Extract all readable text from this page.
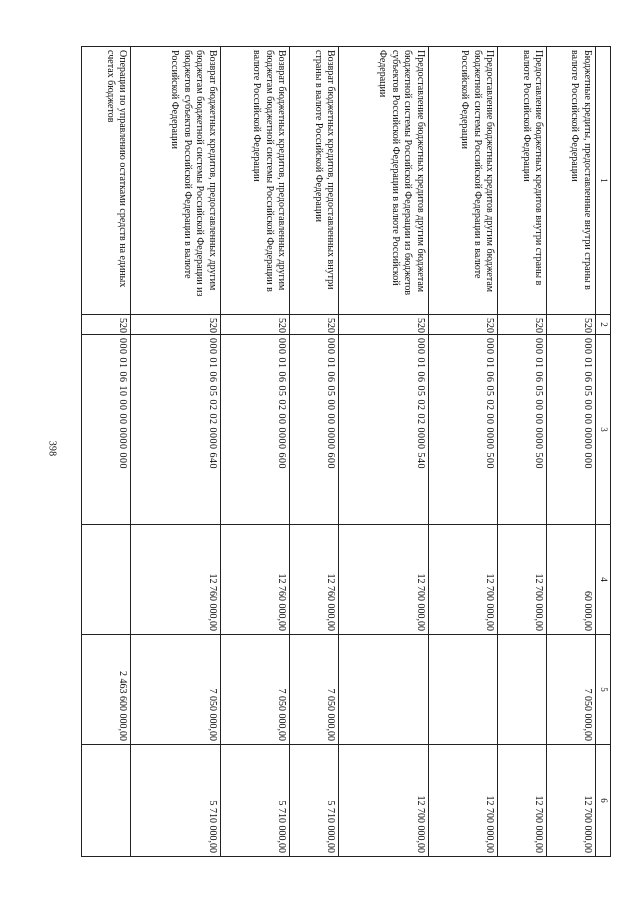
398
1	2	3	4	5	6
Бюджетные кредиты, предоставленные внутри страны в валюте Российской Федерации	520	000 01 06 05 00 00 0000 000	60 000,00	7 050 000,00	12 700 000,00
Предоставление бюджетных кредитов внутри страны в валюте Российской Федерации	520	000 01 06 05 00 00 0000 500	12 700 000,00		12 700 000,00
Предоставление бюджетных кредитов другим бюджетам бюджетной системы Российской Федерации в валюте Российской Федерации	520	000 01 06 05 02 00 0000 500	12 700 000,00		12 700 000,00
Предоставление бюджетных кредитов другим бюджетам бюджетной системы Российской Федерации из бюджетов субъектов Российской Федерации в валюте Российской Федерации	520	000 01 06 05 02 02 0000 540	12 700 000,00		12 700 000,00
Возврат бюджетных кредитов, предоставленных внутри страны в валюте Российской Федерации	520	000 01 06 05 00 00 0000 600	12 760 000,00	7 050 000,00	5 710 000,00
Возврат бюджетных кредитов, предоставленных другим бюджетам бюджетной системы Российской Федерации в валюте Российской Федерации	520	000 01 06 05 02 00 0000 600	12 760 000,00	7 050 000,00	5 710 000,00
Возврат бюджетных кредитов, предоставленных другим бюджетам бюджетной системы Российской Федерации из бюджетов субъектов Российской Федерации в валюте Российской Федерации	520	000 01 06 05 02 02 0000 640	12 760 000,00	7 050 000,00	5 710 000,00
Операции по управлению остатками средств на единых счетах бюджетов	520	000 01 06 10 00 00 0000 000		2 463 600 000,00	
